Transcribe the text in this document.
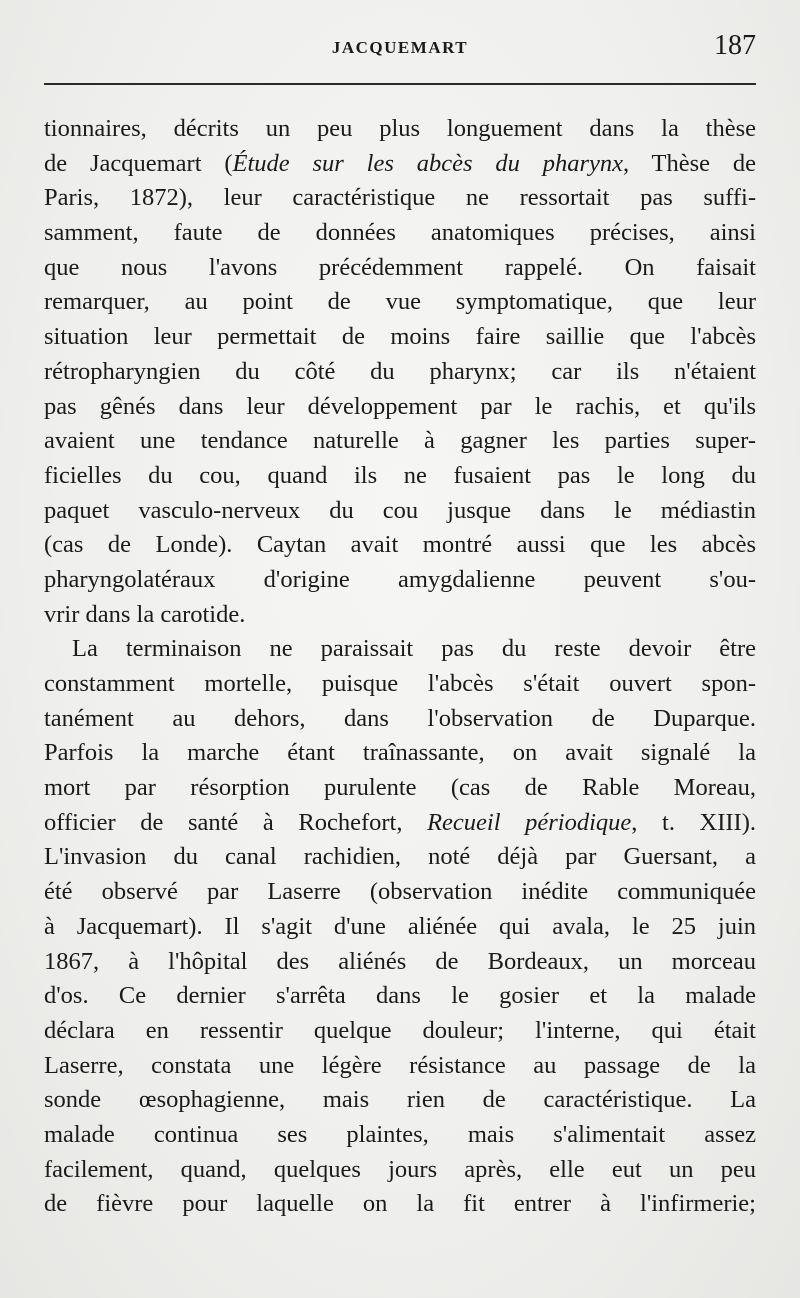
JACQUEMART	187
tionnaires, décrits un peu plus longuement dans la thèse
de Jacquemart (Étude sur les abcès du pharynx, Thèse de
Paris, 1872), leur caractéristique ne ressortait pas suffi-
samment, faute de données anatomiques précises, ainsi
que nous l'avons précédemment rappelé. On faisait
remarquer, au point de vue symptomatique, que leur
situation leur permettait de moins faire saillie que l'abcès
rétropharyngien du côté du pharynx; car ils n'étaient
pas gênés dans leur développement par le rachis, et qu'ils
avaient une tendance naturelle à gagner les parties super-
ficielles du cou, quand ils ne fusaient pas le long du
paquet vasculo-nerveux du cou jusque dans le médiastin
(cas de Londe). Caytan avait montré aussi que les abcès
pharyngolatéraux d'origine amygdalienne peuvent s'ou-
vrir dans la carotide.
La terminaison ne paraissait pas du reste devoir être
constamment mortelle, puisque l'abcès s'était ouvert spon-
tanément au dehors, dans l'observation de Duparque.
Parfois la marche étant traînassante, on avait signalé la
mort par résorption purulente (cas de Rable Moreau,
officier de santé à Rochefort, Recueil périodique, t. XIII).
L'invasion du canal rachidien, noté déjà par Guersant, a
été observé par Laserre (observation inédite communiquée
à Jacquemart). Il s'agit d'une aliénée qui avala, le 25 juin
1867, à l'hôpital des aliénés de Bordeaux, un morceau
d'os. Ce dernier s'arrêta dans le gosier et la malade
déclara en ressentir quelque douleur; l'interne, qui était
Laserre, constata une légère résistance au passage de la
sonde œsophagienne, mais rien de caractéristique. La
malade continua ses plaintes, mais s'alimentait assez
facilement, quand, quelques jours après, elle eut un peu
de fièvre pour laquelle on la fit entrer à l'infirmerie;
